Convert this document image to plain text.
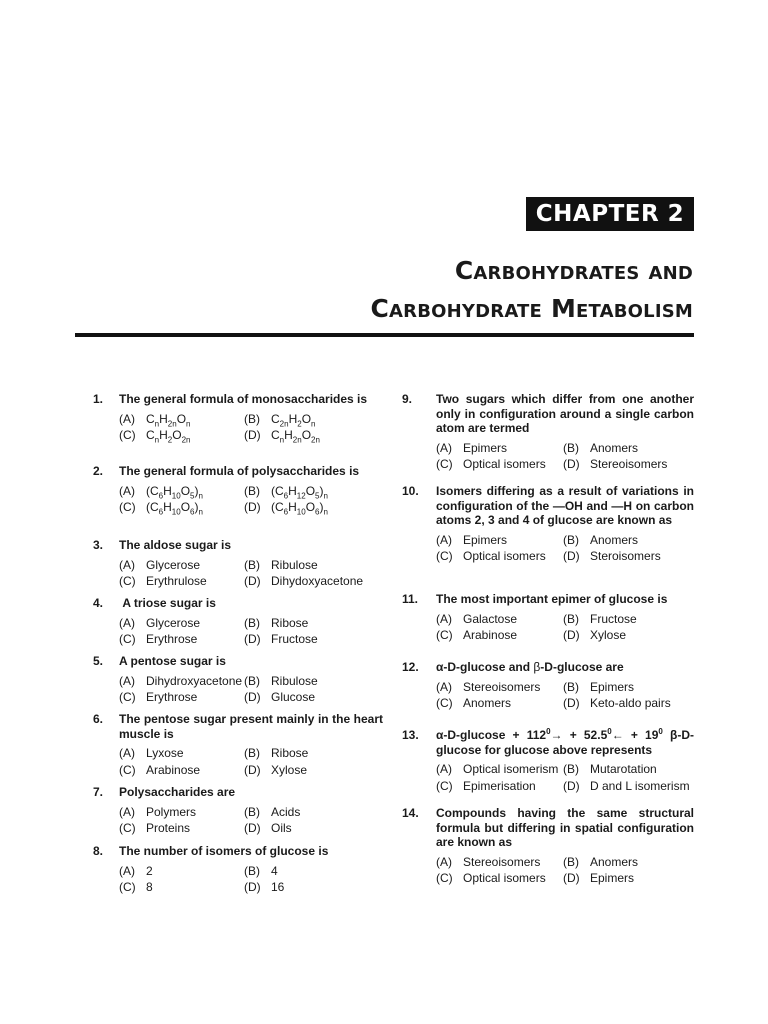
CHAPTER 2
Carbohydrates and
Carbohydrate Metabolism
1.	The general formula of monosaccharides is
(A) $C_nH_{2n}O_n$	(B) $C_{2n}H_2O_n$
(C) $C_nH_2O_{2n}$	(D) $C_nH_{2n}O_{2n}$
2.	The general formula of polysaccharides is
(A) $(C_6H_{10}O_5)_n$	(B) $(C_6H_{12}O_5)_n$
(C) $(C_6H_{10}O_6)_n$	(D) $(C_6H_{10}O_6)_n$
3.	The aldose sugar is
(A) Glycerose	(B) Ribulose
(C) Erythrulose	(D) Dihydoxyacetone
4.	A triose sugar is
(A) Glycerose	(B) Ribose
(C) Erythrose	(D) Fructose
5.	A pentose sugar is
(A) Dihydroxyacetone (B) Ribulose
(C) Erythrose	(D) Glucose
6.	The pentose sugar present mainly in the heart muscle is
(A) Lyxose	(B) Ribose
(C) Arabinose	(D) Xylose
7.	Polysaccharides are
(A) Polymers	(B) Acids
(C) Proteins	(D) Oils
8.	The number of isomers of glucose is
(A) 2	(B) 4
(C) 8	(D) 16
9.	Two sugars which differ from one another only in configuration around a single carbon atom are termed
(A) Epimers	(B) Anomers
(C) Optical isomers (D) Stereoisomers
10.	Isomers differing as a result of variations in configuration of the —OH and —H on carbon atoms 2, 3 and 4 of glucose are known as
(A) Epimers	(B) Anomers
(C) Optical isomers (D) Steroisomers
11.	The most important epimer of glucose is
(A) Galactose	(B) Fructose
(C) Arabinose	(D) Xylose
12.	α-D-glucose and β-D-glucose are
(A) Stereoisomers (B) Epimers
(C) Anomers	(D) Keto-aldo pairs
13.	$\alpha-D-glucose + 112^0\to$ + $52.5^0\leftarrow + 19^0$ β-D-glucose for glucose above represents
(A) Optical isomerism (B) Mutarotation
(C) Epimerisation (D) D and L isomerism
14.	Compounds having the same structural formula but differing in spatial configuration are known as
(A) Stereoisomers (B) Anomers
(C) Optical isomers (D) Epimers
